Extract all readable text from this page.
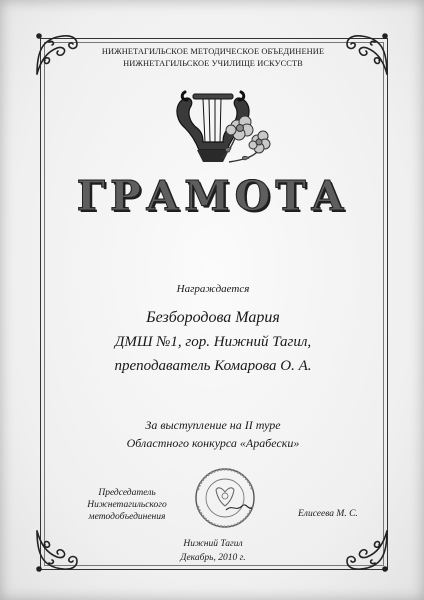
НИЖНЕТАГИЛЬСКОЕ МЕТОДИЧЕСКОЕ ОБЪЕДИНЕНИЕ
НИЖНЕТАГИЛЬСКОЕ УЧИЛИЩЕ ИСКУССТВ
ГРАМОТА
Награждается
Безбородова Мария
ДМШ №1, гор. Нижний Тагил,
преподаватель Комарова О. А.
За выступление на II туре
Областного конкурса «Арабески»
Председатель
Нижнетагильского
методобъединения	Елисеева М. С.
Нижний Тагил
Декабрь, 2010 г.
